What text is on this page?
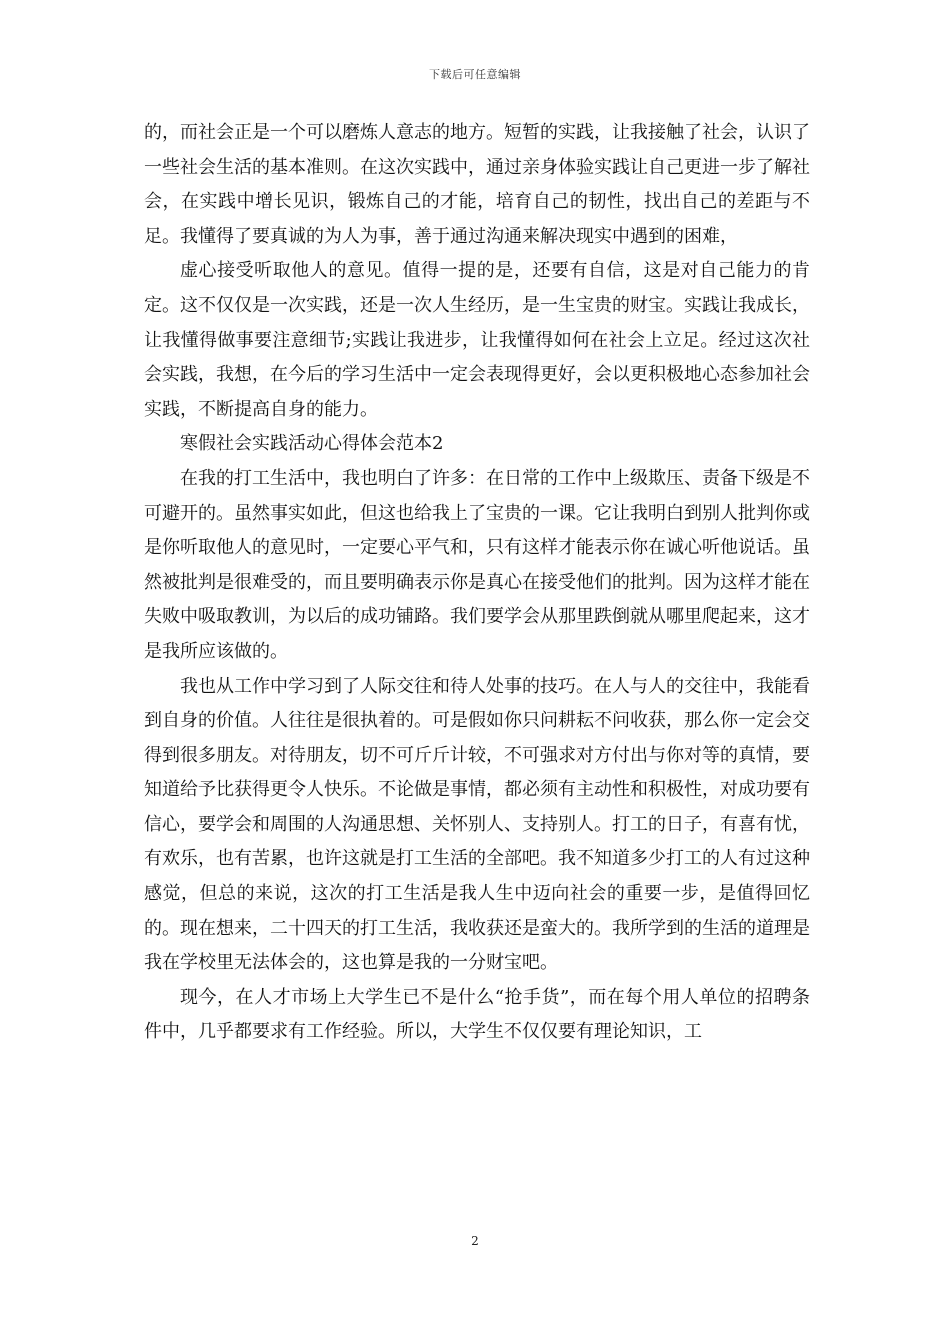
下载后可任意编辑

的，而社会正是一个可以磨炼人意志的地方。短暂的实践，让我接触了社会，认识了一些社会生活的基本准则。在这次实践中，通过亲身体验实践让自己更进一步了解社会，在实践中增长见识，锻炼自己的才能，培育自己的韧性，找出自己的差距与不足。我懂得了要真诚的为人为事，善于通过沟通来解决现实中遇到的困难，

虚心接受听取他人的意见。值得一提的是，还要有自信，这是对自己能力的肯定。这不仅仅是一次实践，还是一次人生经历，是一生宝贵的财宝。实践让我成长，让我懂得做事要注意细节;实践让我进步，让我懂得如何在社会上立足。经过这次社会实践，我想，在今后的学习生活中一定会表现得更好，会以更积极地心态参加社会实践，不断提高自身的能力。

寒假社会实践活动心得体会范本2

在我的打工生活中，我也明白了许多：在日常的工作中上级欺压、责备下级是不可避开的。虽然事实如此，但这也给我上了宝贵的一课。它让我明白到别人批判你或是你听取他人的意见时，一定要心平气和，只有这样才能表示你在诚心听他说话。虽然被批判是很难受的，而且要明确表示你是真心在接受他们的批判。因为这样才能在失败中吸取教训，为以后的成功铺路。我们要学会从那里跌倒就从哪里爬起来，这才是我所应该做的。

我也从工作中学习到了人际交往和待人处事的技巧。在人与人的交往中，我能看到自身的价值。人往往是很执着的。可是假如你只问耕耘不问收获，那么你一定会交得到很多朋友。对待朋友，切不可斤斤计较，不可强求对方付出与你对等的真情，要知道给予比获得更令人快乐。不论做是事情，都必须有主动性和积极性，对成功要有信心，要学会和周围的人沟通思想、关怀别人、支持别人。打工的日子，有喜有忧，有欢乐，也有苦累，也许这就是打工生活的全部吧。我不知道多少打工的人有过这种感觉，但总的来说，这次的打工生活是我人生中迈向社会的重要一步，是值得回忆的。现在想来，二十四天的打工生活，我收获还是蛮大的。我所学到的生活的道理是我在学校里无法体会的，这也算是我的一分财宝吧。

现今，在人才市场上大学生已不是什么“抢手货”，而在每个用人单位的招聘条件中，几乎都要求有工作经验。所以，大学生不仅仅要有理论知识，工

2
